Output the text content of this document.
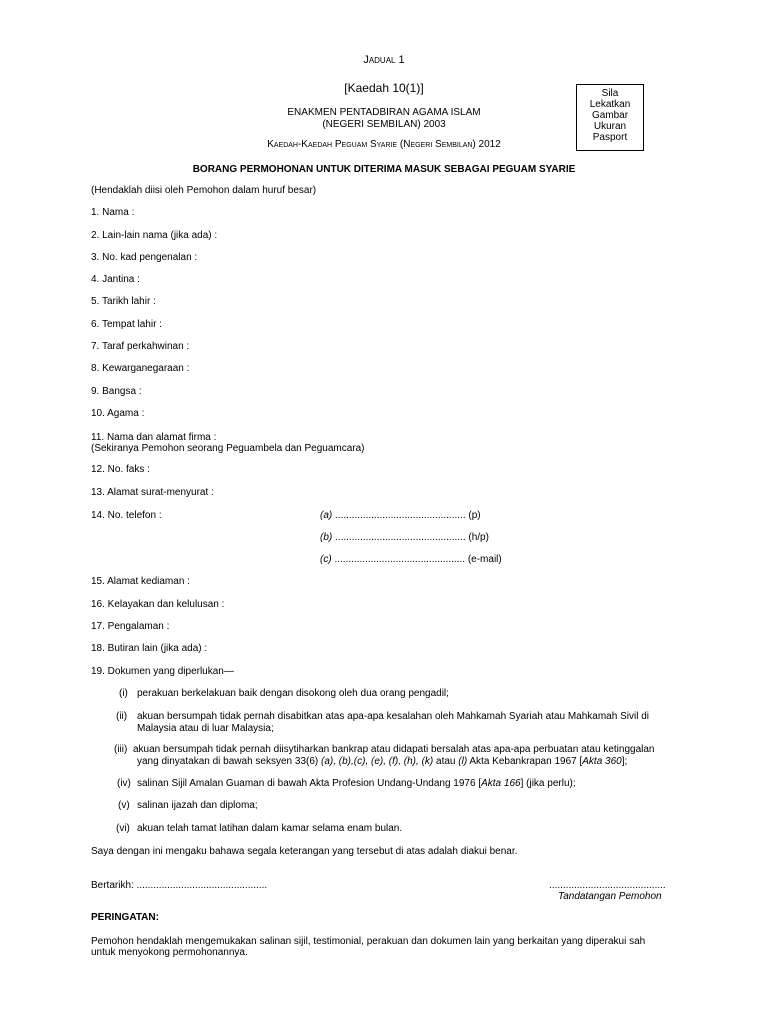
Jadual 1
[Kaedah 10(1)]
ENAKMEN PENTADBIRAN AGAMA ISLAM
(NEGERI SEMBILAN) 2003
Kaedah-Kaedah Peguam Syarie (Negeri Sembilan) 2012
Sila
Lekatkan
Gambar
Ukuran
Pasport
BORANG PERMOHONAN UNTUK DITERIMA MASUK SEBAGAI PEGUAM SYARIE
(Hendaklah diisi oleh Pemohon dalam huruf besar)
1. Nama :
2. Lain-lain nama (jika ada) :
3. No. kad pengenalan :
4. Jantina :
5. Tarikh lahir :
6. Tempat lahir :
7. Taraf perkahwinan :
8. Kewarganegaraan :
9. Bangsa :
10. Agama :
11. Nama dan alamat firma :
(Sekiranya Pemohon seorang Peguambela dan Peguamcara)
12. No. faks :
13. Alamat surat-menyurat :
14. No. telefon :	(a) ............................................... (p)
(b) ............................................... (h/p)
(c) ............................................... (e-mail)
15. Alamat kediaman :
16. Kelayakan dan kelulusan :
17. Pengalaman :
18. Butiran lain (jika ada) :
19. Dokumen yang diperlukan—
(i) perakuan berkelakuan baik dengan disokong oleh dua orang pengadil;
(ii) akuan bersumpah tidak pernah disabitkan atas apa-apa kesalahan oleh Mahkamah Syariah atau Mahkamah Sivil di
Malaysia atau di luar Malaysia;
(iii) akuan bersumpah tidak pernah diisytiharkan bankrap atau didapati bersalah atas apa-apa perbuatan atau ketinggalan
yang dinyatakan di bawah seksyen 33(6) (a), (b),(c), (e), (f), (h), (k) atau (l) Akta Kebankrapan 1967 [Akta 360];
(iv) salinan Sijil Amalan Guaman di bawah Akta Profesion Undang-Undang 1976 [Akta 166] (jika perlu);
(v) salinan ijazah dan diploma;
(vi) akuan telah tamat latihan dalam kamar selama enam bulan.
Saya dengan ini mengaku bahawa segala keterangan yang tersebut di atas adalah diakui benar.
Bertarikh: ...............................................	..........................................
Tandatangan Pemohon
PERINGATAN:
Pemohon hendaklah mengemukakan salinan sijil, testimonial, perakuan dan dokumen lain yang berkaitan yang diperakui sah
untuk menyokong permohonannya.
